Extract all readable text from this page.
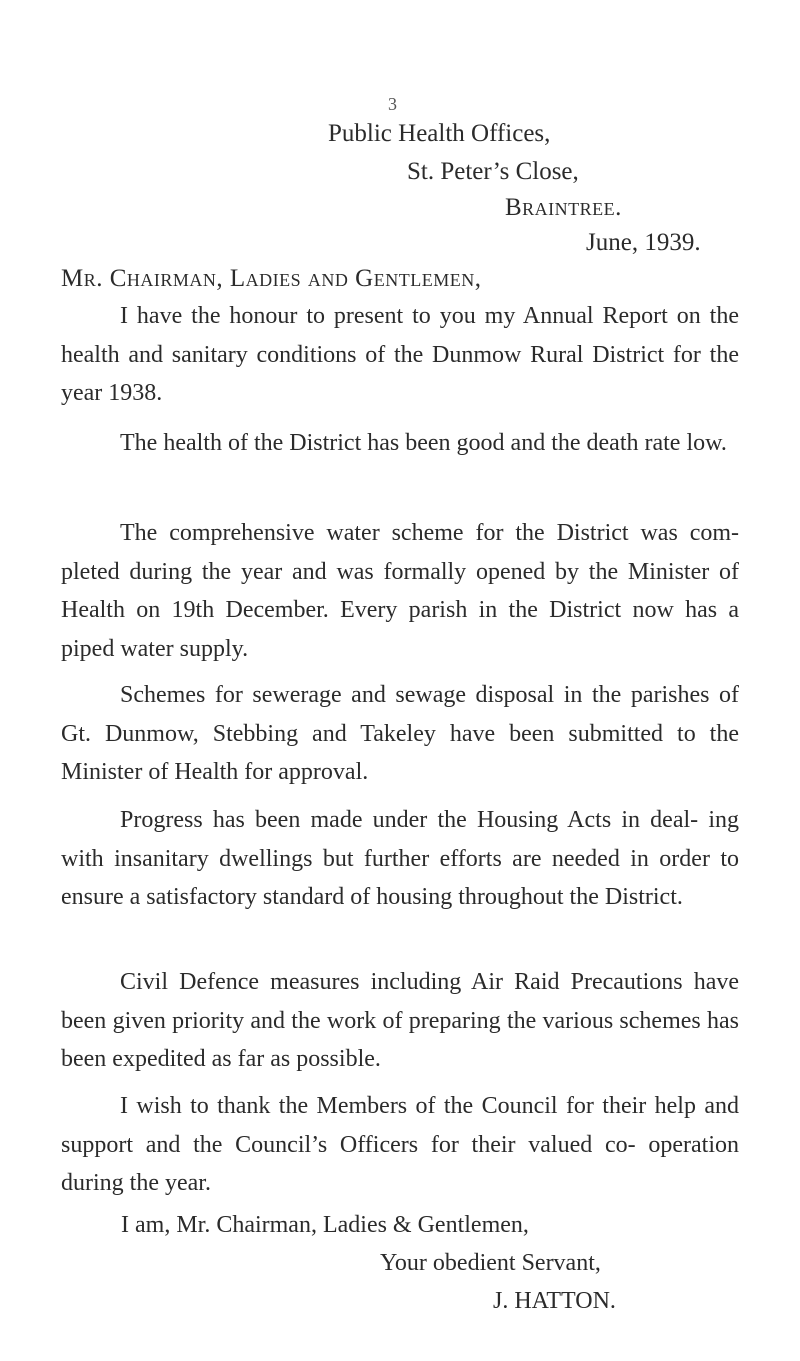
3
Public Health Offices,
St. Peter’s Close,
Braintree.
June, 1939.
Mr. Chairman, Ladies and Gentlemen,

I have the honour to present to you my Annual Report on the health and sanitary conditions of the Dunmow Rural District for the year 1938.

The health of the District has been good and the death rate low.

The comprehensive water scheme for the District was com- pleted during the year and was formally opened by the Minister of Health on 19th December. Every parish in the District now has a piped water supply.

Schemes for sewerage and sewage disposal in the parishes of Gt. Dunmow, Stebbing and Takeley have been submitted to the Minister of Health for approval.

Progress has been made under the Housing Acts in deal- ing with insanitary dwellings but further efforts are needed in order to ensure a satisfactory standard of housing throughout the District.

Civil Defence measures including Air Raid Precautions have been given priority and the work of preparing the various schemes has been expedited as far as possible.

I wish to thank the Members of the Council for their help and support and the Council’s Officers for their valued co- operation during the year.

I am, Mr. Chairman, Ladies & Gentlemen,
Your obedient Servant,
J. HATTON.
